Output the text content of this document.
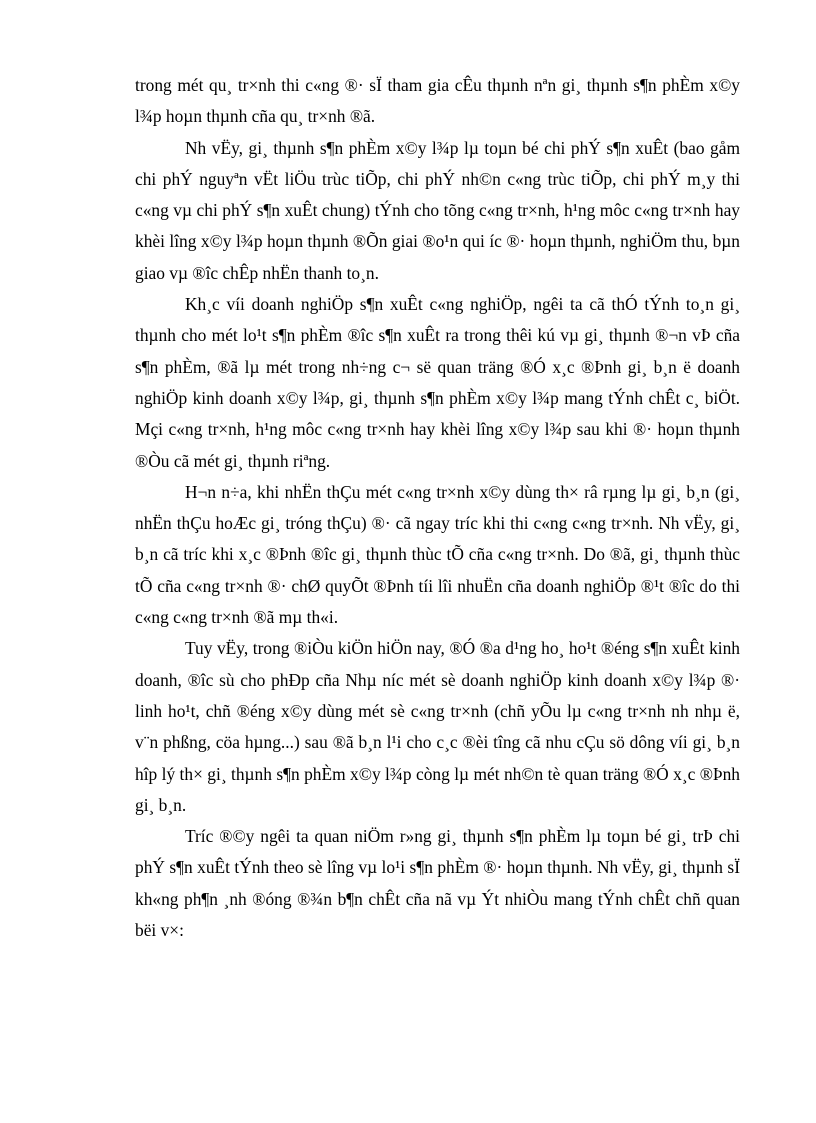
trong mét qu¸ tr×nh thi c«ng ®· sÏ tham gia cÊu thµnh nªn gi¸ thµnh s¶n phÈm x©y l¾p hoµn thµnh cña qu¸ tr×nh ®ã.

Nh vËy, gi¸ thµnh s¶n phÈm x©y l¾p lµ toµn bé chi phÝ s¶n xuÊt (bao gåm chi phÝ nguyªn vËt liÖu trùc tiÕp, chi phÝ nh©n c«ng trùc tiÕp, chi phÝ m¸y thi c«ng vµ chi phÝ s¶n xuÊt chung) tÝnh cho tõng c«ng tr×nh, h¹ng môc c«ng tr×nh hay khèi lîng x©y l¾p hoµn thµnh ®Õn giai ®o¹n qui íc ®· hoµn thµnh, nghiÖm thu, bµn giao vµ ®îc chÊp nhËn thanh to¸n.

Kh¸c víi doanh nghiÖp s¶n xuÊt c«ng nghiÖp, ngêi ta cã thÓ tÝnh to¸n gi¸ thµnh cho mét lo¹t s¶n phÈm ®îc s¶n xuÊt ra trong thêi kú vµ gi¸ thµnh ®¬n vÞ cña s¶n phÈm, ®ã lµ mét trong nh÷ng c¬ së quan träng ®Ó x¸c ®Þnh gi¸ b¸n ë doanh nghiÖp kinh doanh x©y l¾p, gi¸ thµnh s¶n phÈm x©y l¾p mang tÝnh chÊt c¸ biÖt. Mçi c«ng tr×nh, h¹ng môc c«ng tr×nh hay khèi lîng x©y l¾p sau khi ®· hoµn thµnh ®Òu cã mét gi¸ thµnh riªng.

H¬n n÷a, khi nhËn thÇu mét c«ng tr×nh x©y dùng th× râ rµng lµ gi¸ b¸n (gi¸ nhËn thÇu hoÆc gi¸ tróng thÇu) ®· cã ngay tríc khi thi c«ng c«ng tr×nh. Nh vËy, gi¸ b¸n cã tríc khi x¸c ®Þnh ®îc gi¸ thµnh thùc tÕ cña c«ng tr×nh. Do ®ã, gi¸ thµnh thùc tÕ cña c«ng tr×nh ®· chØ quyÕt ®Þnh tíi lîi nhuËn cña doanh nghiÖp ®¹t ®îc do thi c«ng c«ng tr×nh ®ã mµ th«i.

Tuy vËy, trong ®iÒu kiÖn hiÖn nay, ®Ó ®a d¹ng ho¸ ho¹t ®éng s¶n xuÊt kinh doanh, ®îc sù cho phÐp cña Nhµ níc mét sè doanh nghiÖp kinh doanh x©y l¾p ®· linh ho¹t, chñ ®éng x©y dùng mét sè c«ng tr×nh (chñ yÕu lµ c«ng tr×nh nh nhµ ë, v¨n phßng, cöa hµng...) sau ®ã b¸n l¹i cho c¸c ®èi tîng cã nhu cÇu sö dông víi gi¸ b¸n hîp lý th× gi¸ thµnh s¶n phÈm x©y l¾p còng lµ mét nh©n tè quan träng ®Ó x¸c ®Þnh gi¸ b¸n.

Tríc ®©y ngêi ta quan niÖm r»ng gi¸ thµnh s¶n phÈm lµ toµn bé gi¸ trÞ chi phÝ s¶n xuÊt tÝnh theo sè lîng vµ lo¹i s¶n phÈm ®· hoµn thµnh. Nh vËy, gi¸ thµnh sÏ kh«ng ph¶n ¸nh ®óng ®¾n b¶n chÊt cña nã vµ Ýt nhiÒu mang tÝnh chÊt chñ quan bëi v×:
